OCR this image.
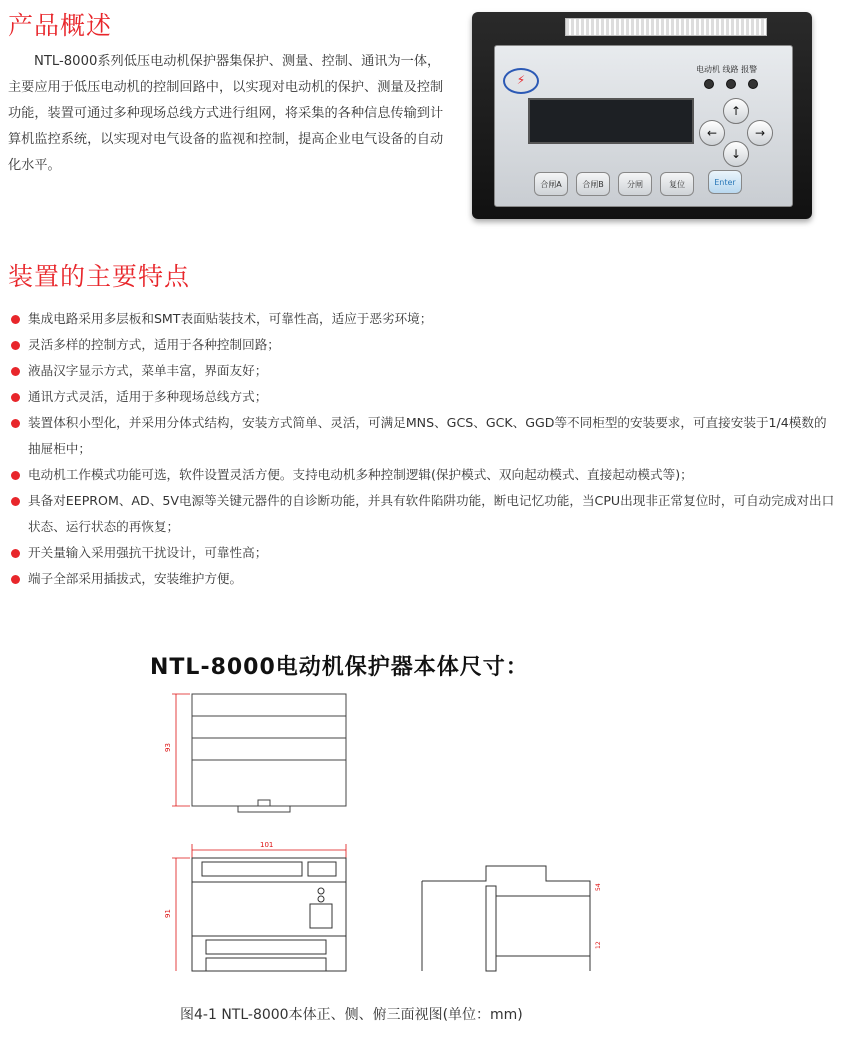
产品概述

NTL-8000系列低压电动机保护器集保护、测量、控制、通讯为一体，主要应用于低压电动机的控制回路中，以实现对电动机的保护、测量及控制功能，装置可通过多种现场总线方式进行组网，将采集的各种信息传输到计算机监控系统，以实现对电气设备的监视和控制，提高企业电气设备的自动化水平。

⚡
电动机 线路 报警
↑
←	→
↓
合闸A	合闸B	分闸	复位	Enter
装置的主要特点
集成电路采用多层板和SMT表面贴装技术，可靠性高，适应于恶劣环境；
灵活多样的控制方式，适用于各种控制回路；
液晶汉字显示方式，菜单丰富，界面友好；
通讯方式灵活，适用于多种现场总线方式；
装置体积小型化，并采用分体式结构，安装方式简单、灵活，可满足MNS、GCS、GCK、GGD等不同柜型的安装要求，可直接安装于1/4模数的抽屉柜中；
电动机工作模式功能可选，软件设置灵活方便。支持电动机多种控制逻辑(保护模式、双向起动模式、直接起动模式等)；
具备对EEPROM、AD、5V电源等关键元器件的自诊断功能，并具有软件陷阱功能，断电记忆功能，当CPU出现非正常复位时，可自动完成对出口状态、运行状态的再恢复；
开关量输入采用强抗干扰设计，可靠性高；
端子全部采用插拔式，安装维护方便。
NTL-8000电动机保护器本体尺寸：
93
101
91
54
12
图4-1 NTL-8000本体正、侧、俯三面视图(单位：mm)
